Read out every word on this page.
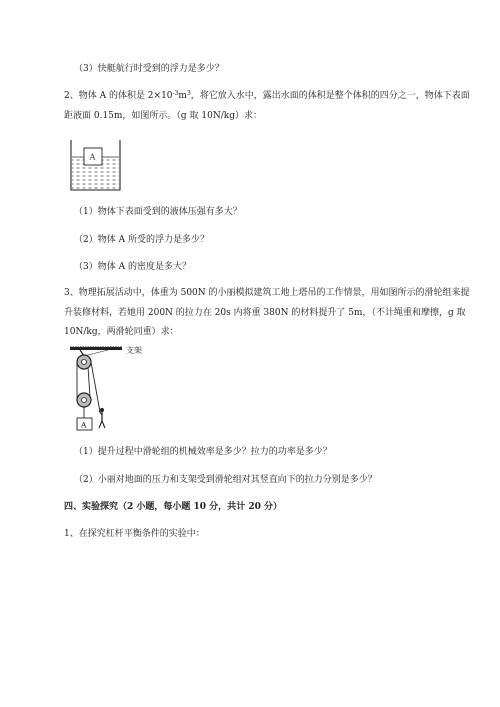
（3）快艇航行时受到的浮力是多少？
2、物体 A 的体积是 $2\times 10^{-3}m^3$，将它放入水中，露出水面的体积是整个体积的四分之一，物体下表面
距液面 0.15m，如图所示。（g 取 10N/kg）求：
A
（1）物体下表面受到的液体压强有多大？
（2）物体 A 所受的浮力是多少？
（3）物体 A 的密度是多大？
3、物理拓展活动中，体重为 500N 的小丽模拟建筑工地上塔吊的工作情景，用如图所示的滑轮组来提
升装修材料，若她用 200N 的拉力在 20s 内将重 380N 的材料提升了 5m，（不计绳重和摩擦，g 取
10N/kg，两滑轮同重）求：
支架
A
（1）提升过程中滑轮组的机械效率是多少？拉力的功率是多少？
（2）小丽对地面的压力和支架受到滑轮组对其竖直向下的拉力分别是多少？
四、实验探究（2 小题，每小题 10 分，共计 20 分）
1、在探究杠杆平衡条件的实验中：
